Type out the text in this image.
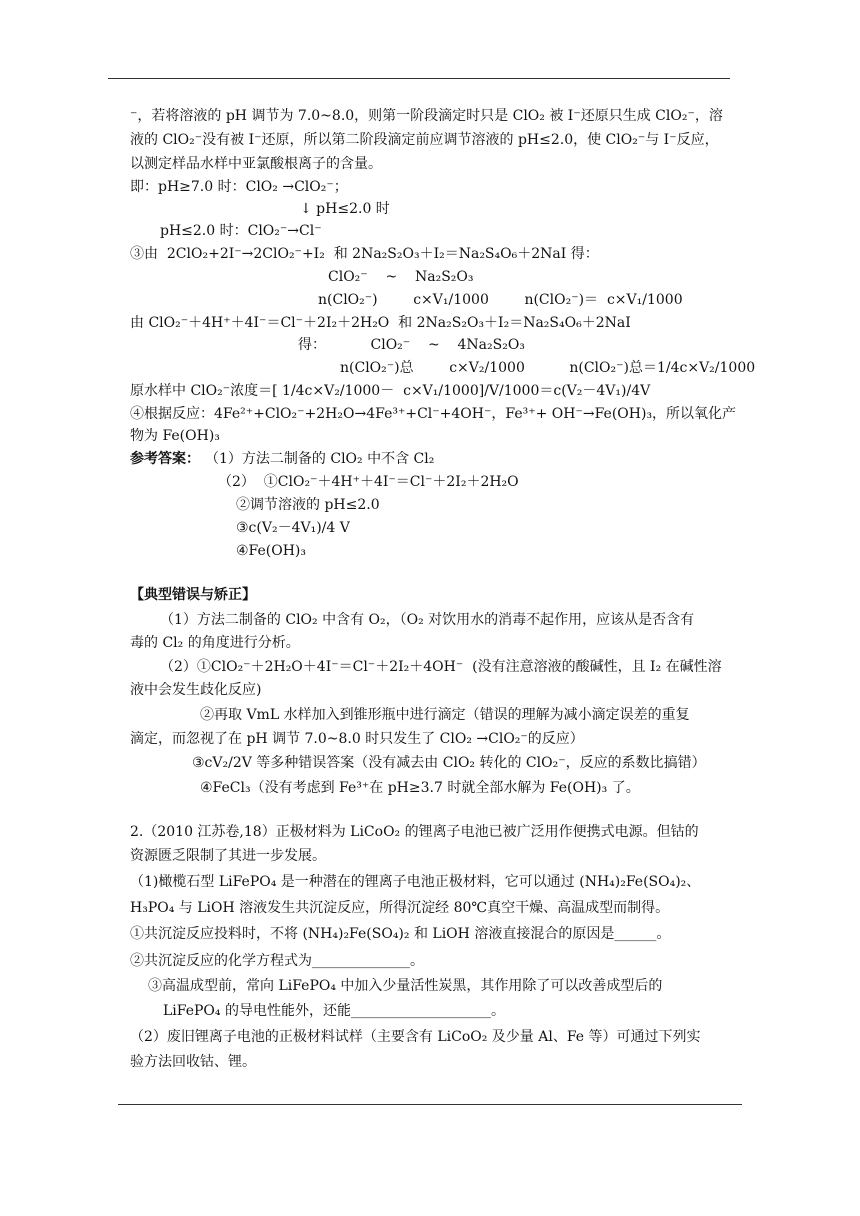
⁻，若将溶液的 pH 调节为 7.0~8.0，则第一阶段滴定时只是 ClO₂ 被 I⁻还原只生成 ClO₂⁻，溶
液的 ClO₂⁻没有被 I⁻还原，所以第二阶段滴定前应调节溶液的 pH≤2.0，使 ClO₂⁻与 I⁻反应，
以测定样品水样中亚氯酸根离子的含量。
即：pH≥7.0 时：ClO₂ →ClO₂⁻；
↓ pH≤2.0 时
pH≤2.0 时：ClO₂⁻→Cl⁻
③由  2ClO₂+2I⁻→2ClO₂⁻+I₂  和 2Na₂S₂O₃＋I₂＝Na₂S₄O₆＋2NaI 得：
ClO₂⁻    ~    Na₂S₂O₃
n(ClO₂⁻)        c×V₁/1000        n(ClO₂⁻)＝  c×V₁/1000
由 ClO₂⁻＋4H⁺＋4I⁻＝Cl⁻＋2I₂＋2H₂O  和 2Na₂S₂O₃＋I₂＝Na₂S₄O₆＋2NaI
得：          ClO₂⁻    ~    4Na₂S₂O₃
n(ClO₂⁻)总        c×V₂/1000          n(ClO₂⁻)总＝1/4c×V₂/1000
原水样中 ClO₂⁻浓度＝[ 1/4c×V₂/1000－  c×V₁/1000]/V/1000＝c(V₂－4V₁)/4V
④根据反应：4Fe²⁺+ClO₂⁻+2H₂O→4Fe³⁺+Cl⁻+4OH⁻，Fe³⁺+ OH⁻→Fe(OH)₃，所以氧化产
物为 Fe(OH)₃
参考答案： （1）方法二制备的 ClO₂ 中不含 Cl₂
（2）  ①ClO₂⁻＋4H⁺＋4I⁻＝Cl⁻＋2I₂＋2H₂O
②调节溶液的 pH≤2.0
③c(V₂－4V₁)/4 V
④Fe(OH)₃
【典型错误与矫正】
（1）方法二制备的 ClO₂ 中含有 O₂，（O₂ 对饮用水的消毒不起作用，应该从是否含有
毒的 Cl₂ 的角度进行分析。
（2）①ClO₂⁻＋2H₂O＋4I⁻＝Cl⁻＋2I₂＋4OH⁻  (没有注意溶液的酸碱性，且 I₂ 在碱性溶
液中会发生歧化反应)
②再取 VmL 水样加入到锥形瓶中进行滴定（错误的理解为减小滴定误差的重复
滴定，而忽视了在 pH 调节 7.0~8.0 时只发生了 ClO₂ →ClO₂⁻的反应）
③cV₂/2V 等多种错误答案（没有减去由 ClO₂ 转化的 ClO₂⁻，反应的系数比搞错）
④FeCl₃（没有考虑到 Fe³⁺在 pH≥3.7 时就全部水解为 Fe(OH)₃ 了。
2.（2010 江苏卷,18）正极材料为 LiCoO₂ 的锂离子电池已被广泛用作便携式电源。但钴的
资源匮乏限制了其进一步发展。
（1)橄榄石型 LiFePO₄ 是一种潜在的锂离子电池正极材料，它可以通过 (NH₄)₂Fe(SO₄)₂、
H₃PO₄ 与 LiOH 溶液发生共沉淀反应，所得沉淀经 80℃真空干燥、高温成型而制得。
①共沉淀反应投料时，不将 (NH₄)₂Fe(SO₄)₂ 和 LiOH 溶液直接混合的原因是______。
②共沉淀反应的化学方程式为______________。
③高温成型前，常向 LiFePO₄ 中加入少量活性炭黑，其作用除了可以改善成型后的
LiFePO₄ 的导电性能外，还能____________________。
（2）废旧锂离子电池的正极材料试样（主要含有 LiCoO₂ 及少量 Al、Fe 等）可通过下列实
验方法回收钴、锂。
